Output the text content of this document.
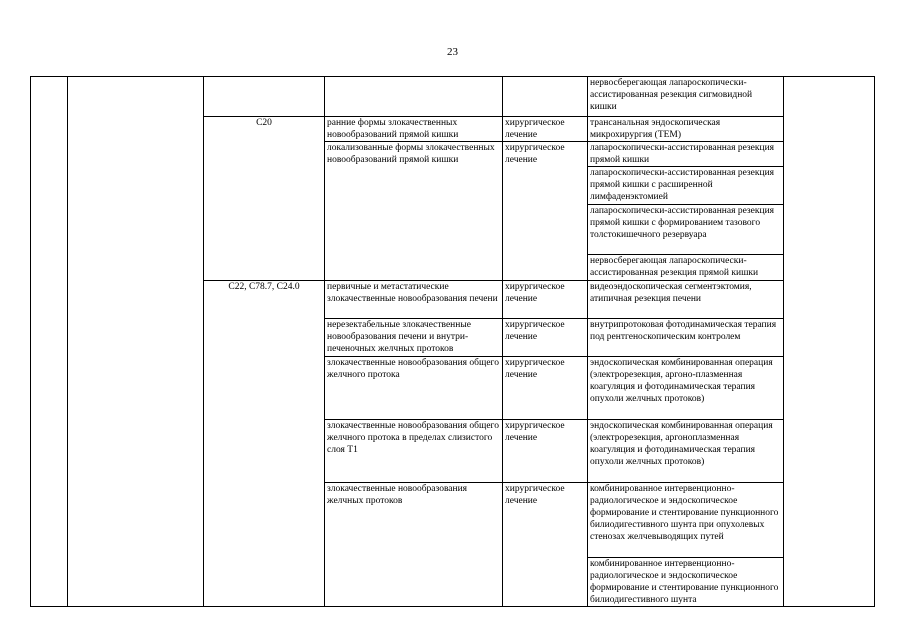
23
					нервосберегающая лапароскопически-ассистированная резекция сигмовидной кишки	
		C20	ранние формы злокачественных новообразований прямой кишки	хирургическое лечение	трансанальная эндоскопическая микрохирургия (ТЕМ)	
			локализованные формы злокачественных новообразований прямой кишки	хирургическое лечение	лапароскопически-ассистированная резекция прямой кишки	
					лапароскопически-ассистированная резекция прямой кишки с расширенной лимфаденэктомией	
					лапароскопически-ассистированная резекция прямой кишки с формированием тазового толстокишечного резервуара	
					нервосберегающая лапароскопически-ассистированная резекция прямой кишки	
		C22, C78.7, C24.0	первичные и метастатические злокачественные новообразования печени	хирургическое лечение	видеоэндоскопическая сегментэктомия, атипичная резекция печени	
			нерезектабельные злокачественные
новообразования печени и внутри-
печеночных желчных протоков	хирургическое лечение	внутрипротоковая фотодинамическая терапия под рентгеноскопическим контролем	
			злокачественные новообразования общего желчного протока	хирургическое лечение	эндоскопическая комбинированная операция (электрорезекция, аргоно-плазменная коагуляция и фотодинамическая терапия опухоли желчных протоков)	
			злокачественные новообразования общего желчного протока в пределах слизистого слоя T1	хирургическое лечение	эндоскопическая комбинированная операция (электрорезекция, аргоноплазменная коагуляция и фотодинамическая терапия опухоли желчных протоков)	
			злокачественные новообразования желчных протоков	хирургическое лечение	комбинированное интервенционно-радиологическое и эндоскопическое формирование и стентирование пункционного билиодигестивного шунта при опухолевых стенозах желчевыводящих путей	
					комбинированное интервенционно-радиологическое и эндоскопическое формирование и стентирование пункционного билиодигестивного шунта	
